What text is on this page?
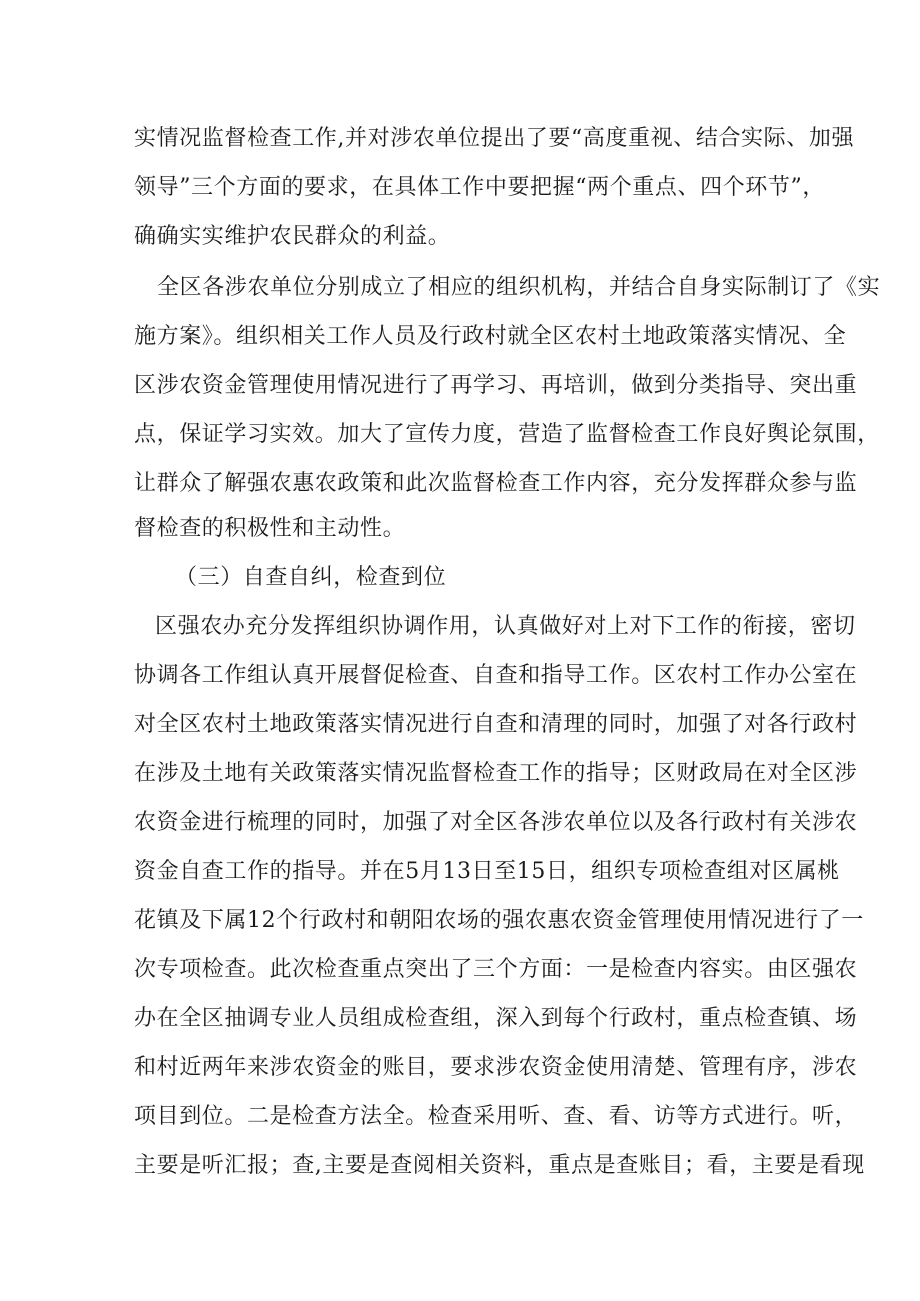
实情况监督检查工作,并对涉农单位提出了要“高度重视、结合实际、加强
领导”三个方面的要求，在具体工作中要把握“两个重点、四个环节”，
确确实实维护农民群众的利益。
全区各涉农单位分别成立了相应的组织机构，并结合自身实际制订了《实
施方案》。组织相关工作人员及行政村就全区农村土地政策落实情况、全
区涉农资金管理使用情况进行了再学习、再培训，做到分类指导、突出重
点，保证学习实效。加大了宣传力度，营造了监督检查工作良好舆论氛围，
让群众了解强农惠农政策和此次监督检查工作内容，充分发挥群众参与监
督检查的积极性和主动性。
（三）自查自纠，检查到位
区强农办充分发挥组织协调作用，认真做好对上对下工作的衔接，密切
协调各工作组认真开展督促检查、自查和指导工作。区农村工作办公室在
对全区农村土地政策落实情况进行自查和清理的同时，加强了对各行政村
在涉及土地有关政策落实情况监督检查工作的指导；区财政局在对全区涉
农资金进行梳理的同时，加强了对全区各涉农单位以及各行政村有关涉农
资金自查工作的指导。并在5月13日至15日，组织专项检查组对区属桃
花镇及下属12个行政村和朝阳农场的强农惠农资金管理使用情况进行了一
次专项检查。此次检查重点突出了三个方面：一是检查内容实。由区强农
办在全区抽调专业人员组成检查组，深入到每个行政村，重点检查镇、场
和村近两年来涉农资金的账目，要求涉农资金使用清楚、管理有序，涉农
项目到位。二是检查方法全。检查采用听、查、看、访等方式进行。听，
主要是听汇报；查,主要是查阅相关资料，重点是查账目；看，主要是看现
